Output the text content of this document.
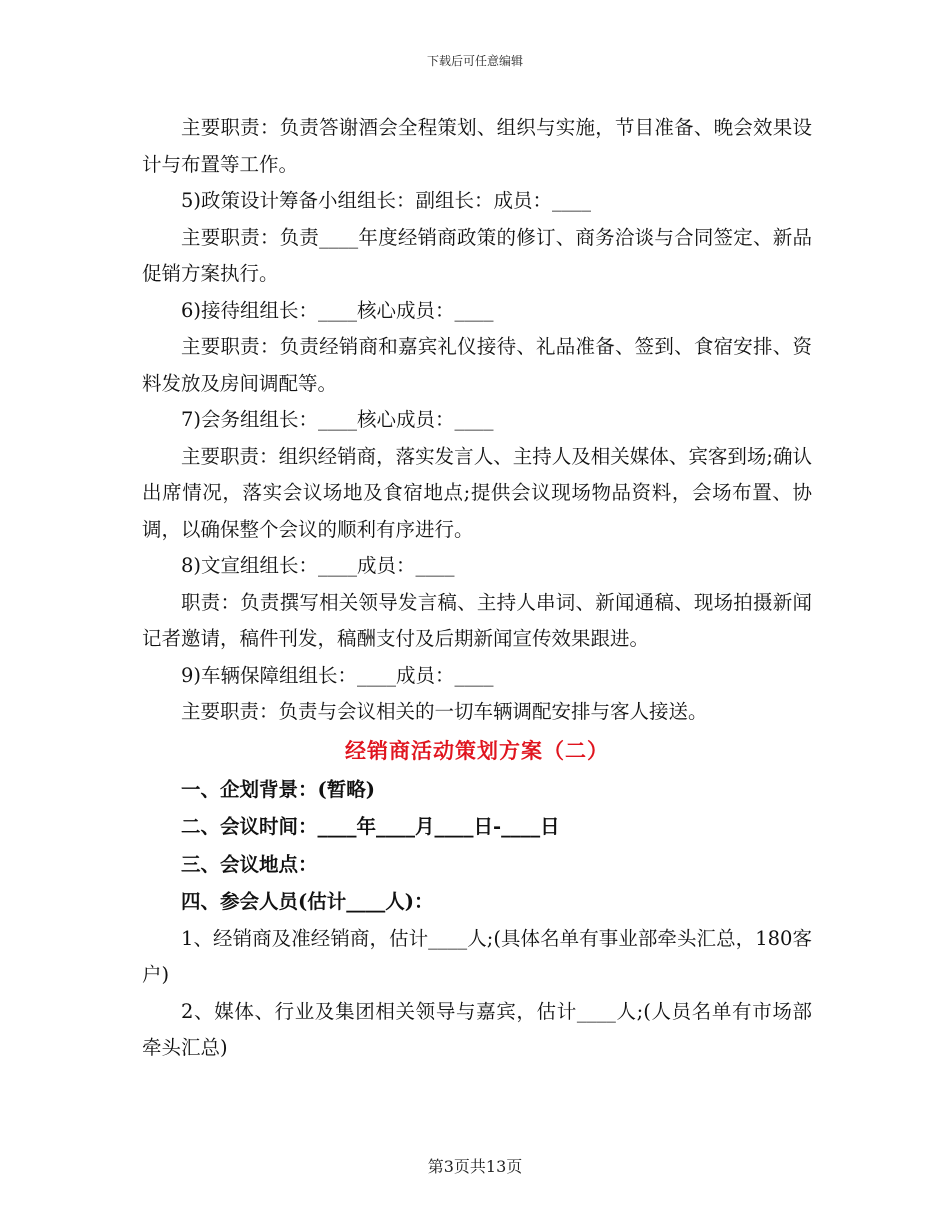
下载后可任意编辑

主要职责：负责答谢酒会全程策划、组织与实施，节目准备、晚会效果设计与布置等工作。

5)政策设计筹备小组组长：副组长：成员：____

主要职责：负责____年度经销商政策的修订、商务洽谈与合同签定、新品促销方案执行。

6)接待组组长：____核心成员：____

主要职责：负责经销商和嘉宾礼仪接待、礼品准备、签到、食宿安排、资料发放及房间调配等。

7)会务组组长：____核心成员：____

主要职责：组织经销商，落实发言人、主持人及相关媒体、宾客到场;确认出席情况，落实会议场地及食宿地点;提供会议现场物品资料，会场布置、协调，以确保整个会议的顺利有序进行。

8)文宣组组长：____成员：____

职责：负责撰写相关领导发言稿、主持人串词、新闻通稿、现场拍摄新闻记者邀请，稿件刊发，稿酬支付及后期新闻宣传效果跟进。

9)车辆保障组组长：____成员：____

主要职责：负责与会议相关的一切车辆调配安排与客人接送。

经销商活动策划方案（二）

一、企划背景：(暂略)

二、会议时间：____年____月____日-____日

三、会议地点：

四、参会人员(估计____人)：

1、经销商及准经销商，估计____人;(具体名单有事业部牵头汇总，180客户)

2、媒体、行业及集团相关领导与嘉宾，估计____人;(人员名单有市场部牵头汇总)

第3页共13页
